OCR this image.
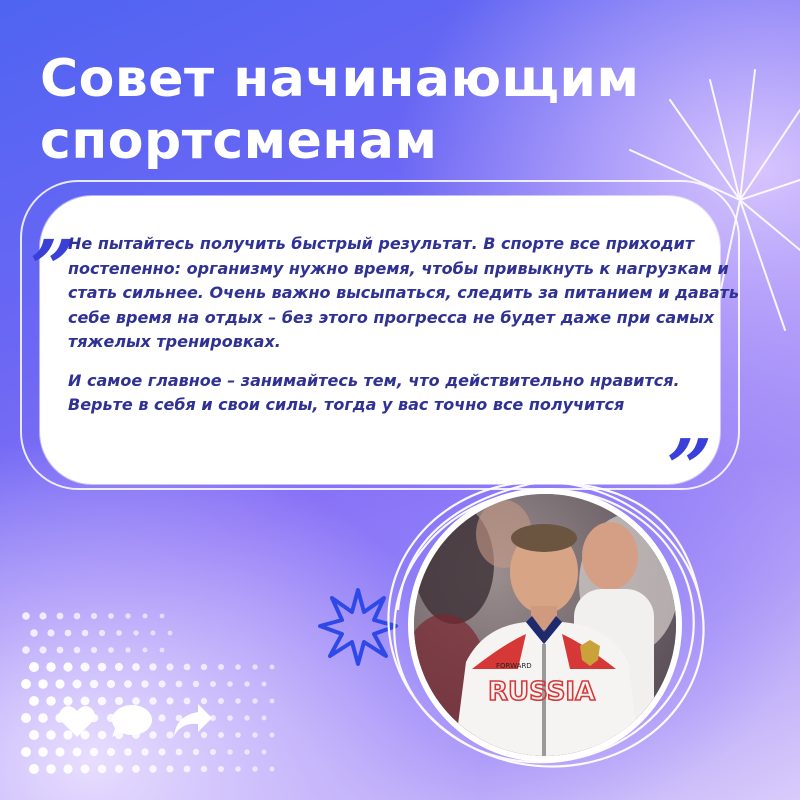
Совет начинающим
спортсменам
„

Не пытайтесь получить быстрый результат. В спорте все приходит постепенно: организму нужно время, чтобы привыкнуть к нагрузкам и стать сильнее. Очень важно высыпаться, следить за питанием и давать себе время на отдых – без этого прогресса не будет даже при самых тяжелых тренировках.

И самое главное – занимайтесь тем, что действительно нравится. Верьте в себя и свои силы, тогда у вас точно все получится

”
RUSSIA
FORWARD
